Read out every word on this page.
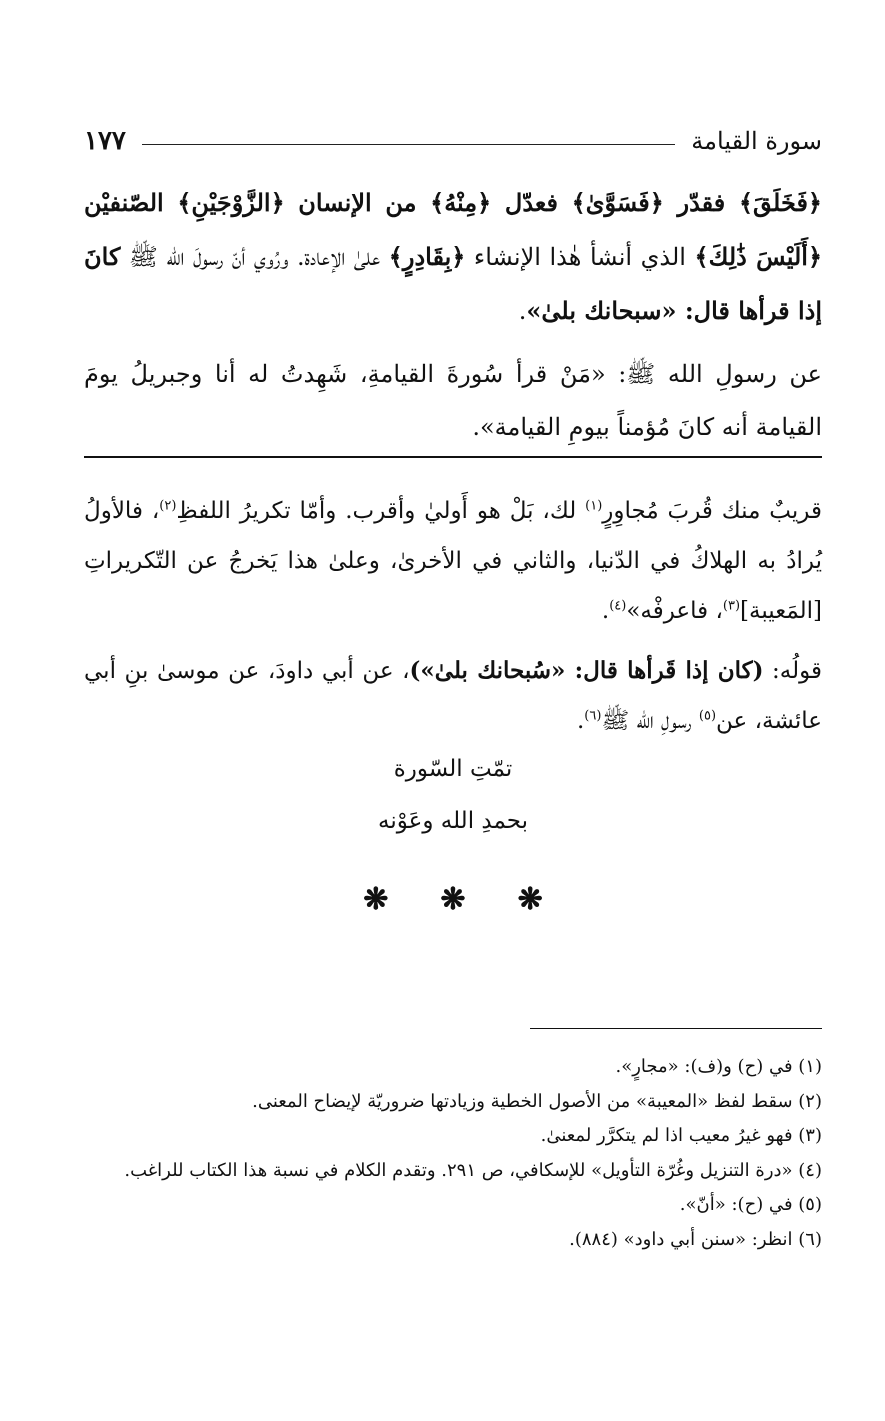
سورة القيامة
١٧٧
﴿فَخَلَقَ﴾ فقدّر ﴿فَسَوَّىٰ﴾ فعدّل ﴿مِنْهُ﴾ من الإنسان ﴿الزَّوْجَيْنِ﴾ الصّنفيْن ﴿أَلَيْسَ ذَٰلِكَ﴾ الذي أنشأ هٰذا الإنشاء ﴿بِقَادِرٍ﴾ علىٰ الإعادة. ورُوي أنّ رسولَ الله ﷺ كانَ إذا قرأها قال: «سبحانك بلىٰ».
عن رسولِ الله ﷺ: «مَنْ قرأ سُورةَ القيامةِ، شَهِدتُ له أنا وجبريلُ يومَ القيامة أنه كانَ مُؤمناً بيومِ القيامة».
قريبٌ منك قُربَ مُجاوِرٍ$^{(١)}$ لك، بَلْ هو أَوليٰ وأقرب. وأمّا تكريرُ اللفظِ$^{(٢)}$، فالأولُ يُرادُ به الهلاكُ في الدّنيا، والثاني في الأخرىٰ، وعلىٰ هذا يَخرجُ عن التّكريراتِ [المَعيبة]$^{(٣)}$، فاعرفْه»$^{(٤)}$.
قولُه: (كان إذا قَرأها قال: «سُبحانك بلىٰ»)، عن أبي داودَ، عن موسىٰ بنِ أبي عائشة، عن$^{(٥)}$ رسولِ الله ﷺ$^{(٦)}$.
تمّتِ السّورة
بحمدِ الله وعَوْنه
❋ ❋ ❋
(١) في (ح) و(ف): «مجارٍ».
(٢) سقط لفظ «المعيبة» من الأصول الخطية وزيادتها ضروريّة لإيضاح المعنى.
(٣) فهو غيرُ معيب اذا لم يتكرَّر لمعنىٰ.
(٤) «درة التنزيل وغُرّة التأويل» للإسكافي، ص ٢٩١. وتقدم الكلام في نسبة هذا الكتاب للراغب.
(٥) في (ح): «أنّ».
(٦) انظر: «سنن أبي داود» (٨٨٤).
